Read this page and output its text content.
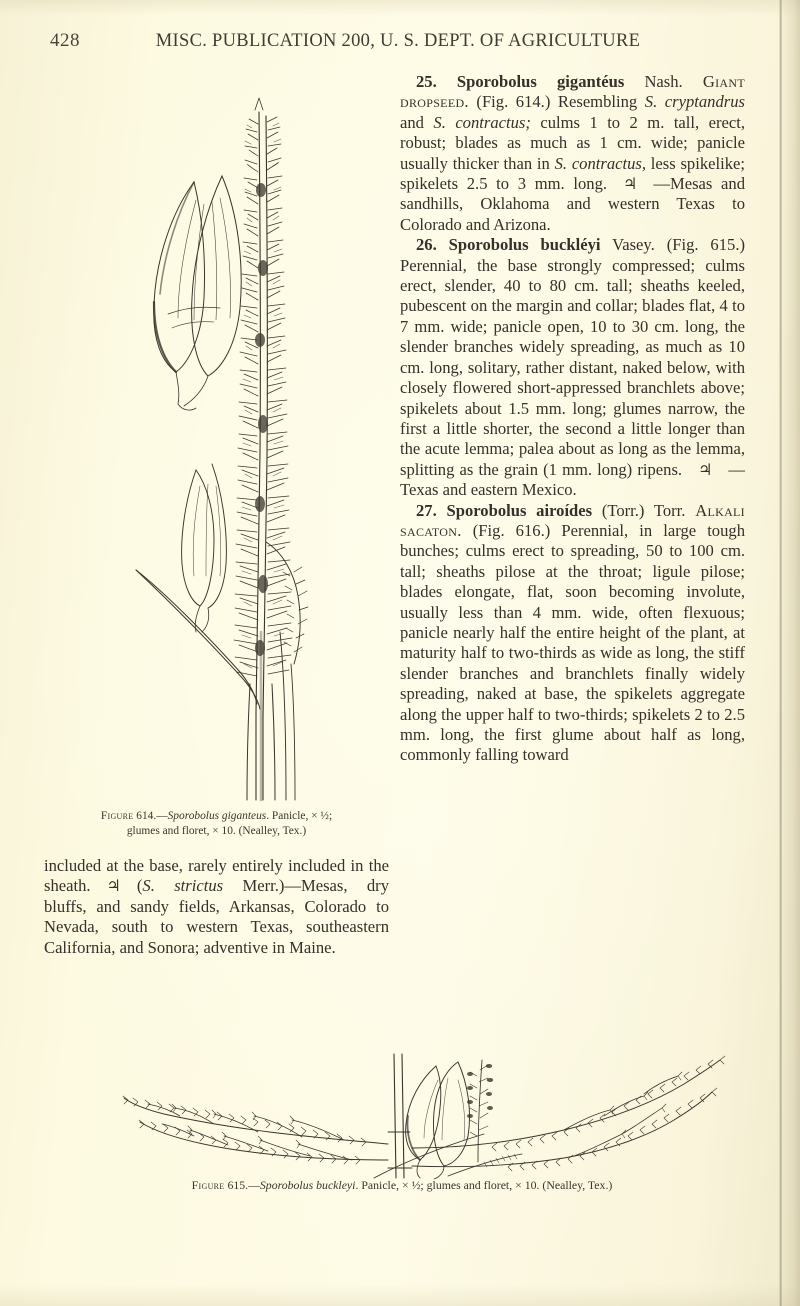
428	MISC. PUBLICATION 200, U. S. DEPT. OF AGRICULTURE
Figure 614.—Sporobolus giganteus. Panicle, × ½;
glumes and floret, × 10. (Nealley, Tex.)

included at the base, rarely entirely included in the sheath. ♃ (S. strictus Merr.)—Mesas, dry bluffs, and sandy fields, Arkansas, Colorado to Nevada, south to western Texas, southeastern California, and Sonora; adventive in Maine.

25. Sporobolus gigantéus Nash. Giant dropseed. (Fig. 614.) Resembling S. cryptandrus and S. contractus; culms 1 to 2 m. tall, erect, robust; blades as much as 1 cm. wide; panicle usually thicker than in S. contractus, less spikelike; spikelets 2.5 to 3 mm. long. ♃ —Mesas and sandhills, Oklahoma and western Texas to Colorado and Arizona.

26. Sporobolus buckléyi Vasey. (Fig. 615.) Perennial, the base strongly compressed; culms erect, slender, 40 to 80 cm. tall; sheaths keeled, pubescent on the margin and collar; blades flat, 4 to 7 mm. wide; panicle open, 10 to 30 cm. long, the slender branches widely spreading, as much as 10 cm. long, solitary, rather distant, naked below, with closely flowered short-appressed branchlets above; spikelets about 1.5 mm. long; glumes narrow, the first a little shorter, the second a little longer than the acute lemma; palea about as long as the lemma, splitting as the grain (1 mm. long) ripens. ♃ —Texas and eastern Mexico.

27. Sporobolus airoídes (Torr.) Torr. Alkali sacaton. (Fig. 616.) Perennial, in large tough bunches; culms erect to spreading, 50 to 100 cm. tall; sheaths pilose at the throat; ligule pilose; blades elongate, flat, soon becoming involute, usually less than 4 mm. wide, often flexuous; panicle nearly half the entire height of the plant, at maturity half to two-thirds as wide as long, the stiff slender branches and branchlets finally widely spreading, naked at base, the spikelets aggregate along the upper half to two-thirds; spikelets 2 to 2.5 mm. long, the first glume about half as long, commonly falling toward

Figure 615.—Sporobolus buckleyi. Panicle, × ½; glumes and floret, × 10. (Nealley, Tex.)
